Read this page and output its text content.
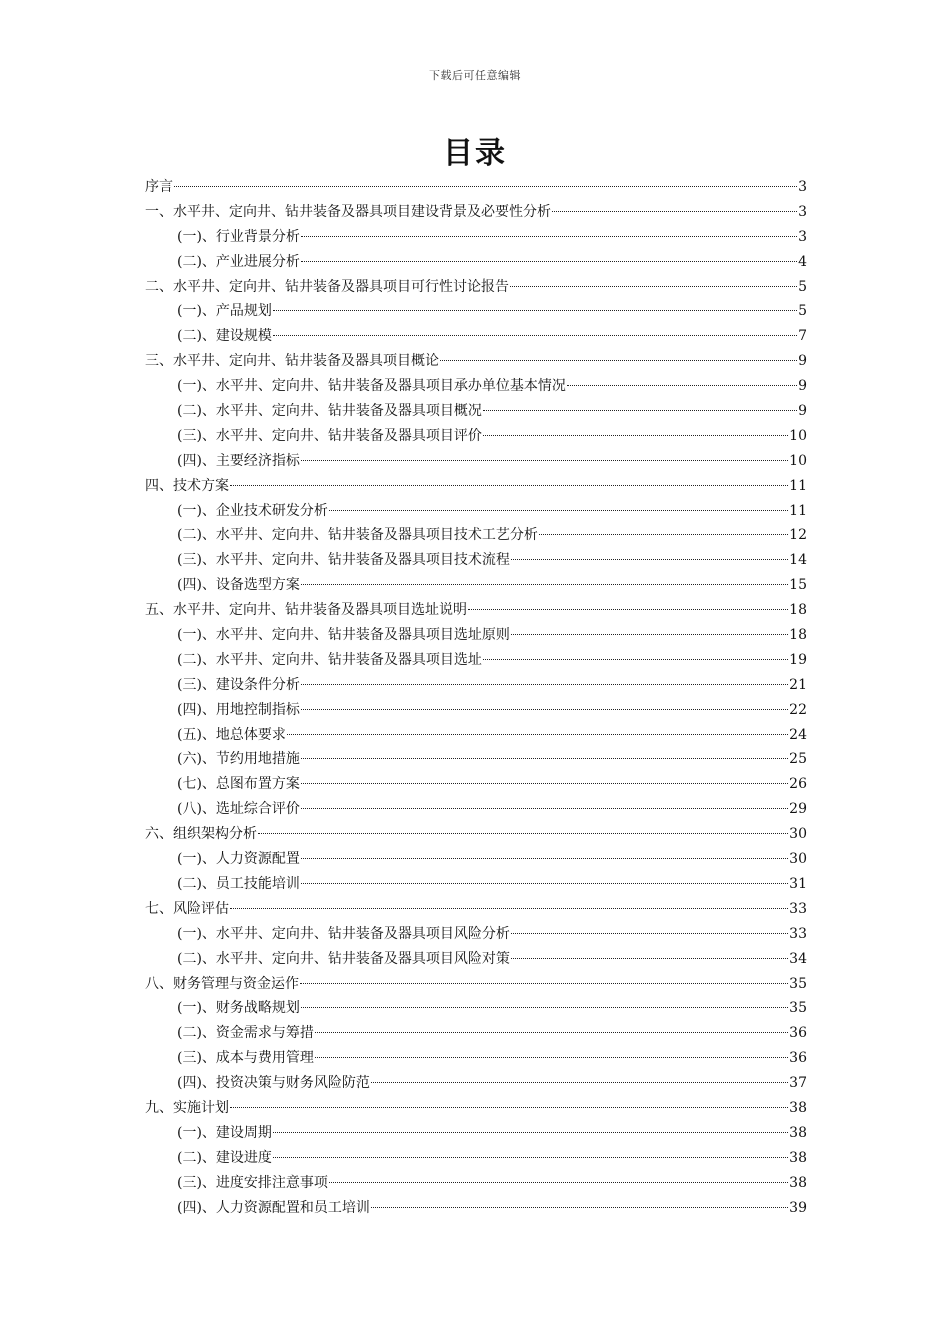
下载后可任意编辑
目录
序言	3
一、水平井、定向井、钻井装备及器具项目建设背景及必要性分析	3
(一)、行业背景分析	3
(二)、产业进展分析	4
二、水平井、定向井、钻井装备及器具项目可行性讨论报告	5
(一)、产品规划	5
(二)、建设规模	7
三、水平井、定向井、钻井装备及器具项目概论	9
(一)、水平井、定向井、钻井装备及器具项目承办单位基本情况	9
(二)、水平井、定向井、钻井装备及器具项目概况	9
(三)、水平井、定向井、钻井装备及器具项目评价	10
(四)、主要经济指标	10
四、技术方案	11
(一)、企业技术研发分析	11
(二)、水平井、定向井、钻井装备及器具项目技术工艺分析	12
(三)、水平井、定向井、钻井装备及器具项目技术流程	14
(四)、设备选型方案	15
五、水平井、定向井、钻井装备及器具项目选址说明	18
(一)、水平井、定向井、钻井装备及器具项目选址原则	18
(二)、水平井、定向井、钻井装备及器具项目选址	19
(三)、建设条件分析	21
(四)、用地控制指标	22
(五)、地总体要求	24
(六)、节约用地措施	25
(七)、总图布置方案	26
(八)、选址综合评价	29
六、组织架构分析	30
(一)、人力资源配置	30
(二)、员工技能培训	31
七、风险评估	33
(一)、水平井、定向井、钻井装备及器具项目风险分析	33
(二)、水平井、定向井、钻井装备及器具项目风险对策	34
八、财务管理与资金运作	35
(一)、财务战略规划	35
(二)、资金需求与筹措	36
(三)、成本与费用管理	36
(四)、投资决策与财务风险防范	37
九、实施计划	38
(一)、建设周期	38
(二)、建设进度	38
(三)、进度安排注意事项	38
(四)、人力资源配置和员工培训	39
